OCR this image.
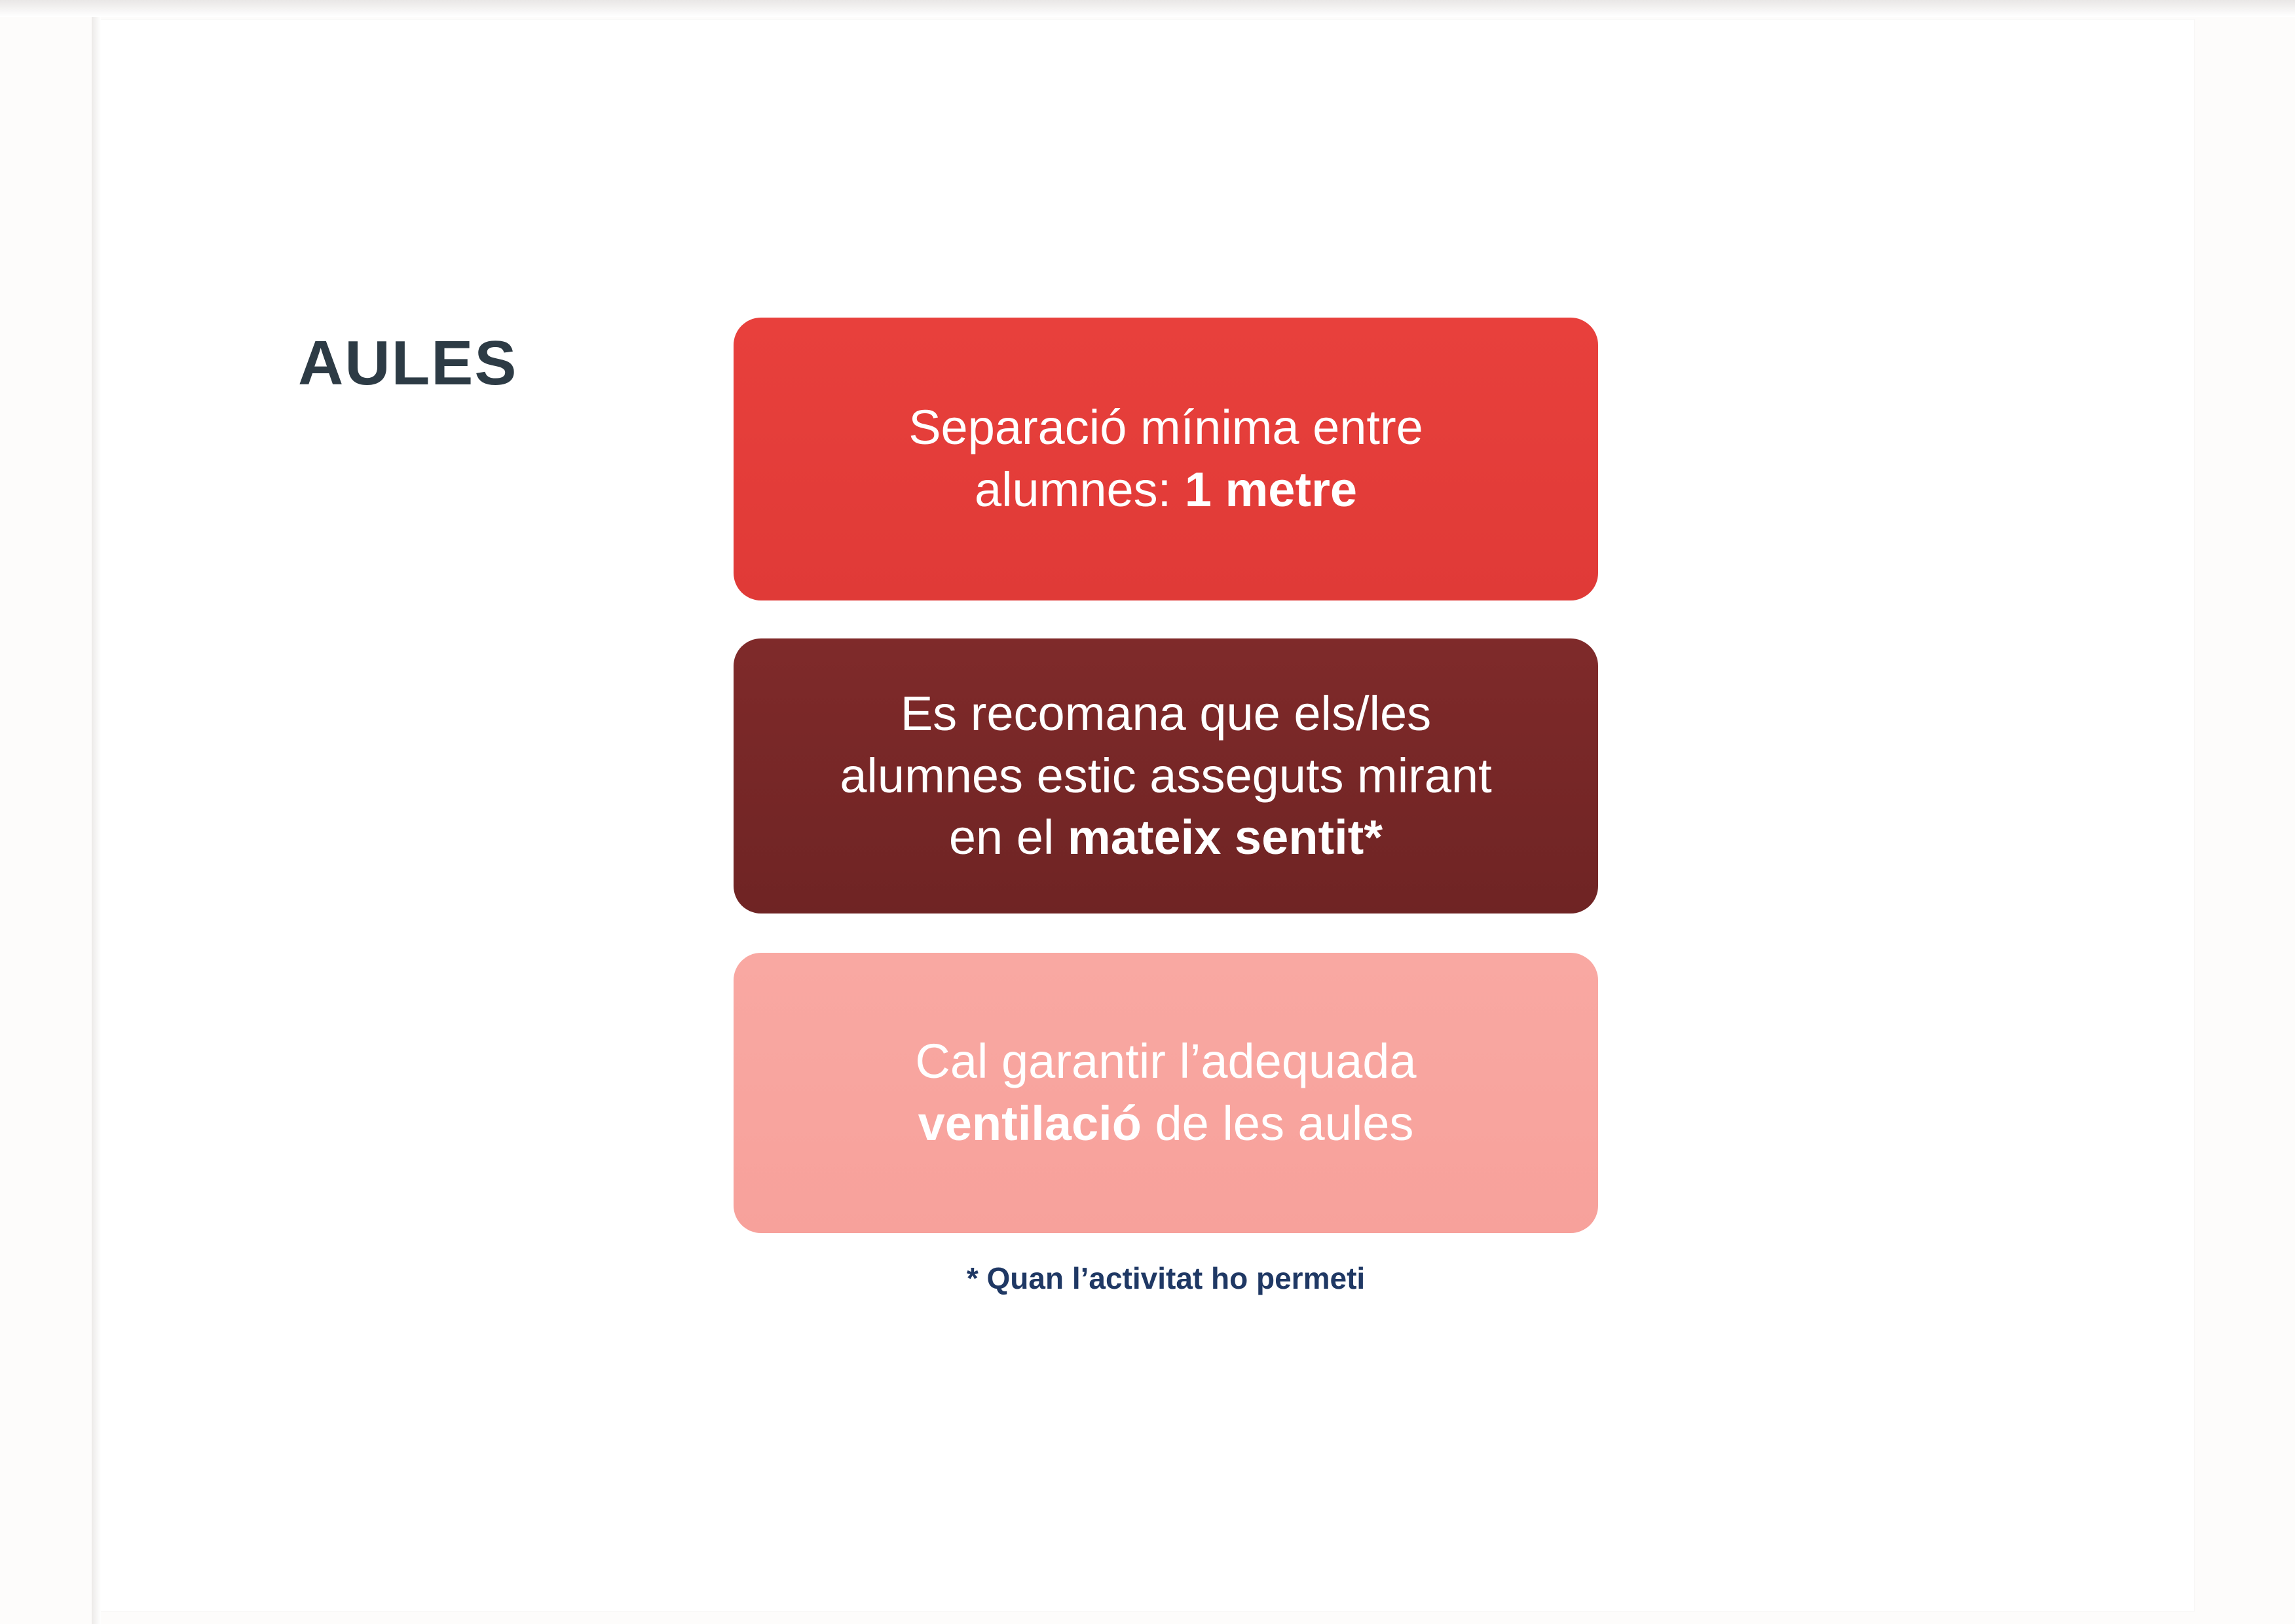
AULES
Separació mínima entre
alumnes: 1 metre
Es recomana que els/les
alumnes estic asseguts mirant
en el mateix sentit*
Cal garantir l’adequada
ventilació de les aules
* Quan l’activitat ho permeti
